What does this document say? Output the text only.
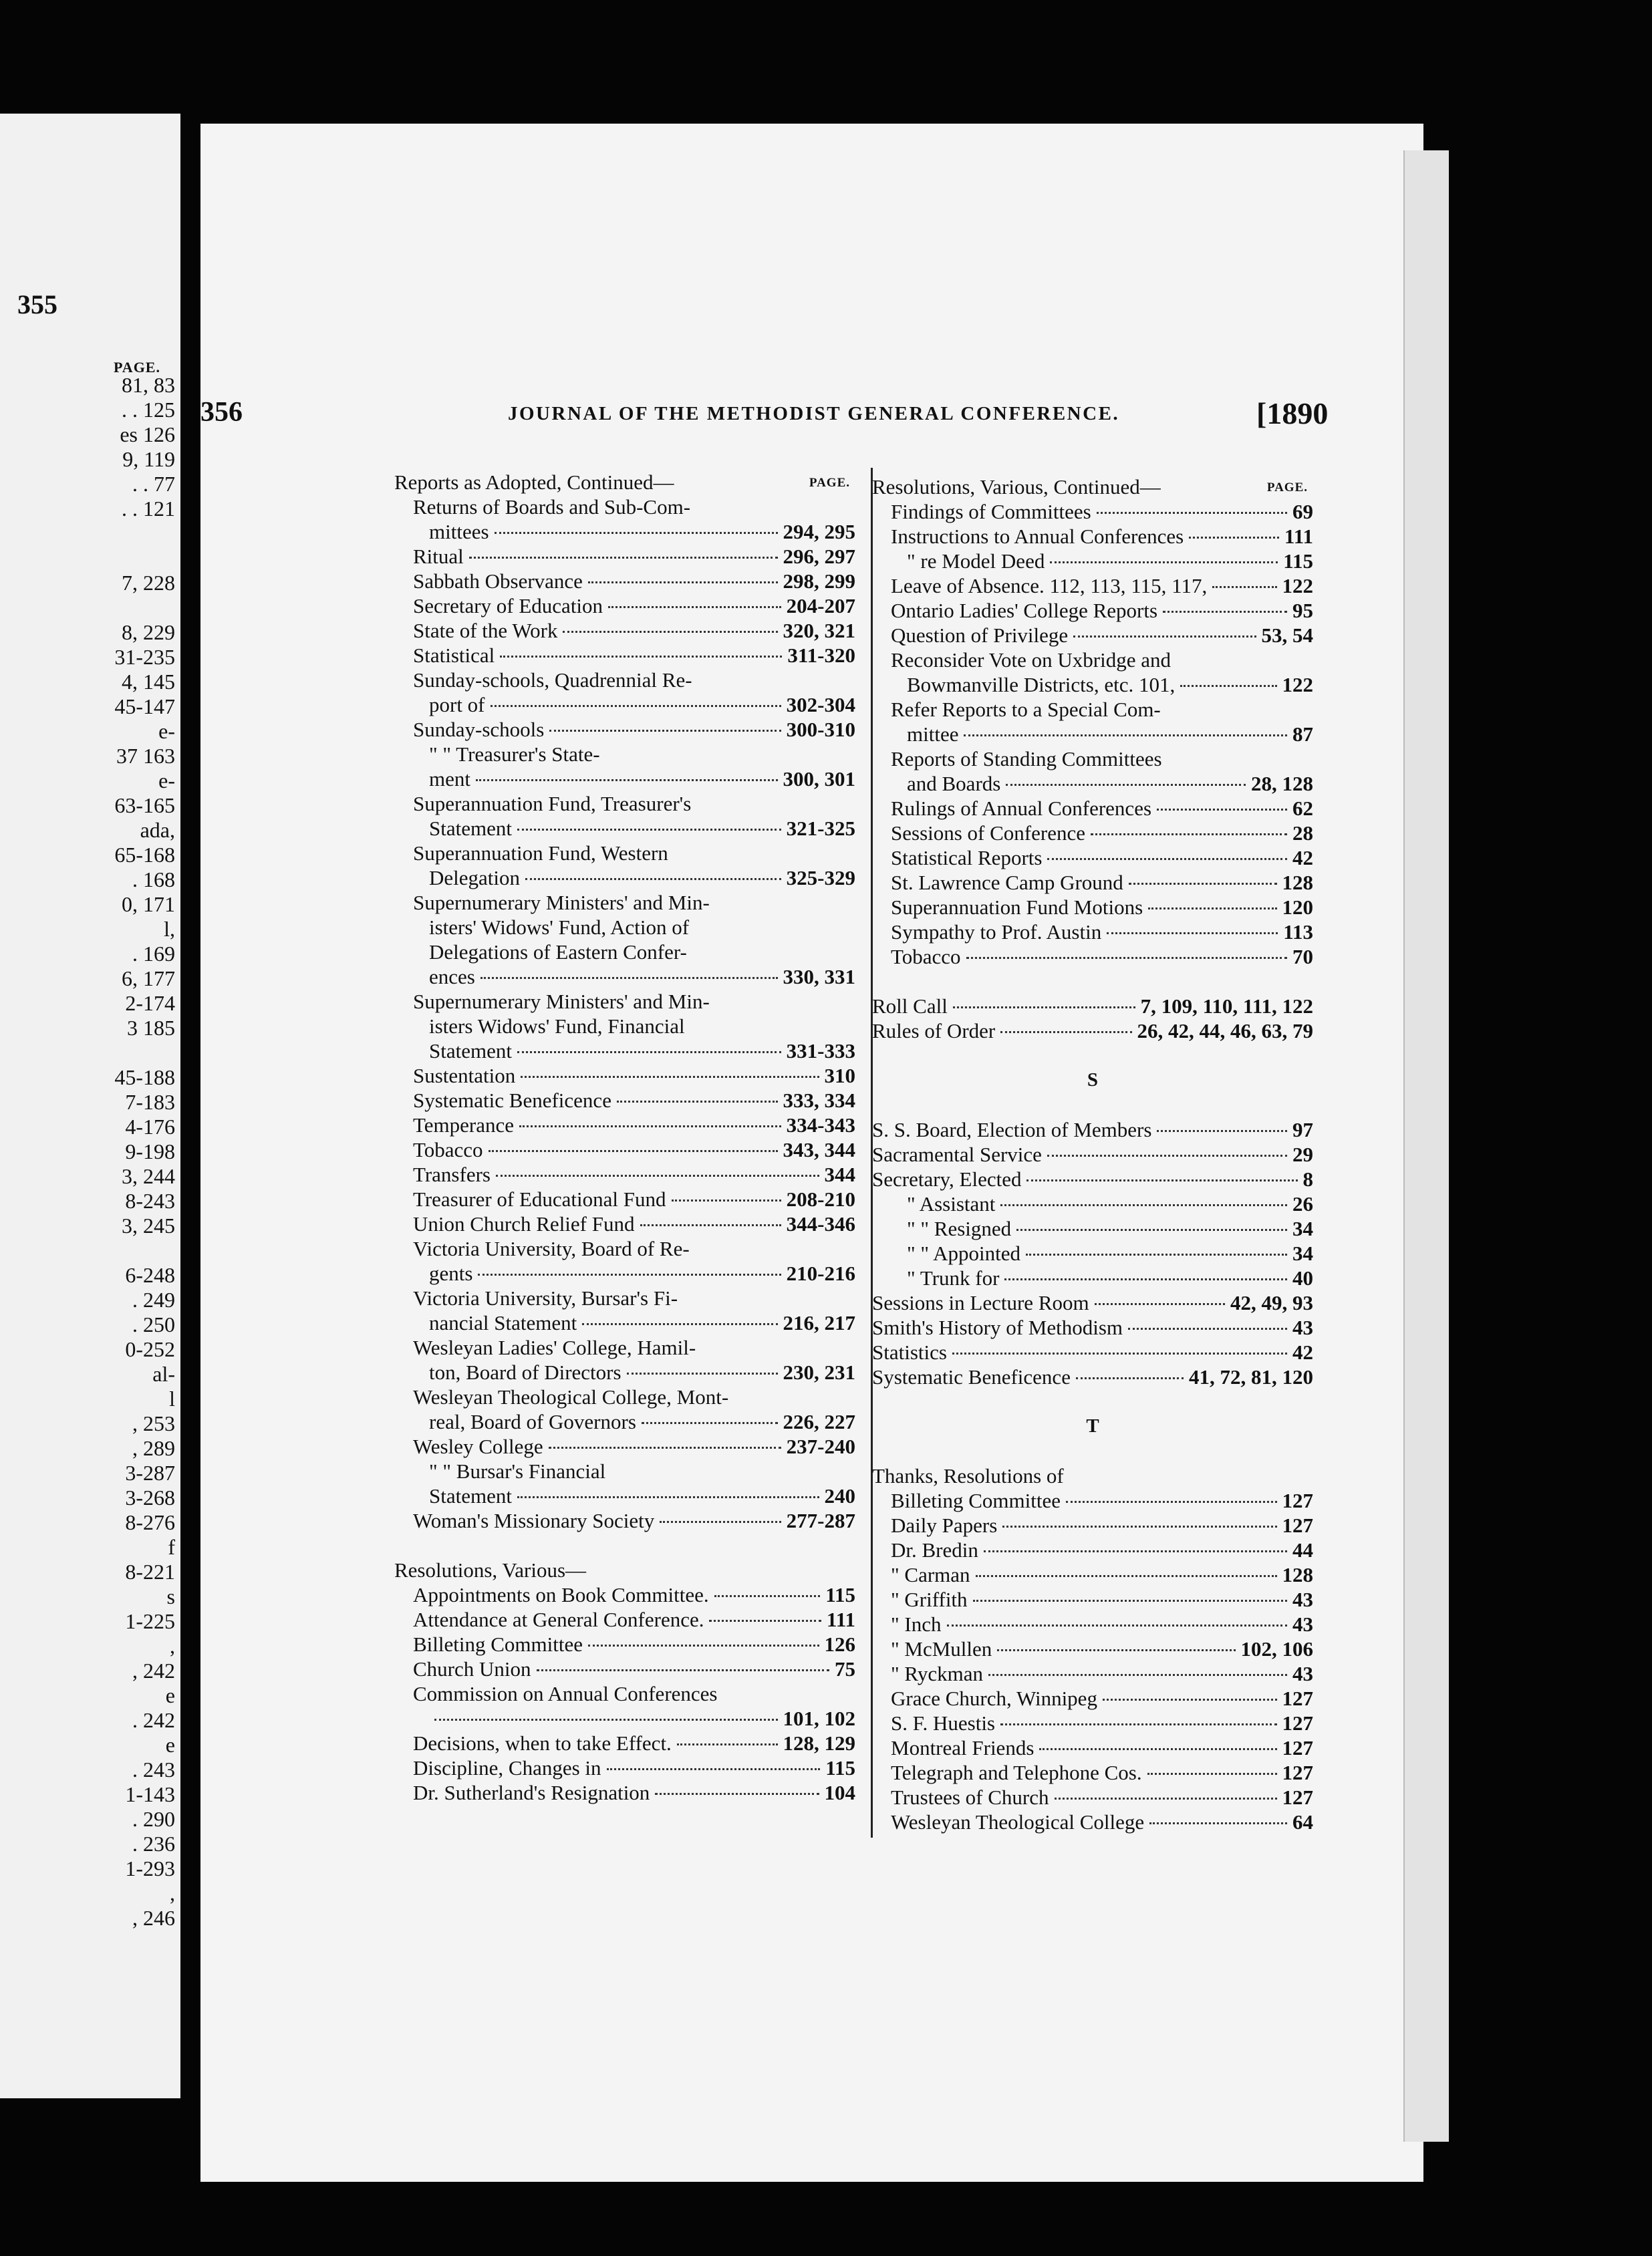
355
PAGE.
81, 83
. . 125
es 126
9, 119
. . 77
. . 121
7, 228
8, 229
31-235
4, 145
45-147
e-
37 163
e-
63-165
ada,
65-168
. 168
0, 171
l,
. 169
6, 177
2-174
3 185
45-188
7-183
4-176
9-198
3, 244
8-243
3, 245
6-248
. 249
. 250
0-252
al-
l
, 253
, 289
3-287
3-268
8-276
f
8-221
s
1-225
,
, 242
e
. 242
e
. 243
1-143
. 290
. 236
1-293
,
, 246
356	JOURNAL OF THE METHODIST GENERAL CONFERENCE.	[1890
Reports as Adopted, Continued—	PAGE.
Returns of Boards and Sub-Com-
mittees	294, 295
Ritual	296, 297
Sabbath Observance	298, 299
Secretary of Education	204-207
State of the Work	320, 321
Statistical	311-320
Sunday-schools, Quadrennial Re-
port of	302-304
Sunday-schools	300-310
" " Treasurer's State-
ment	300, 301
Superannuation Fund, Treasurer's
Statement	321-325
Superannuation Fund, Western
Delegation	325-329
Supernumerary Ministers' and Min-
isters' Widows' Fund, Action of
Delegations of Eastern Confer-
ences	330, 331
Supernumerary Ministers' and Min-
isters Widows' Fund, Financial
Statement	331-333
Sustentation	310
Systematic Beneficence	333, 334
Temperance	334-343
Tobacco	343, 344
Transfers	344
Treasurer of Educational Fund	208-210
Union Church Relief Fund	344-346
Victoria University, Board of Re-
gents	210-216
Victoria University, Bursar's Fi-
nancial Statement	216, 217
Wesleyan Ladies' College, Hamil-
ton, Board of Directors	230, 231
Wesleyan Theological College, Mont-
real, Board of Governors	226, 227
Wesley College	237-240
" " Bursar's Financial
Statement	240
Woman's Missionary Society	277-287
Resolutions, Various—
Appointments on Book Committee.	115
Attendance at General Conference.	111
Billeting Committee	126
Church Union	75
Commission on Annual Conferences
101, 102
Decisions, when to take Effect.	128, 129
Discipline, Changes in	115
Dr. Sutherland's Resignation	104
Resolutions, Various, Continued—	PAGE.
Findings of Committees	69
Instructions to Annual Conferences	111
" re Model Deed	115
Leave of Absence. 112, 113, 115, 117,	122
Ontario Ladies' College Reports	95
Question of Privilege	53, 54
Reconsider Vote on Uxbridge and
Bowmanville Districts, etc. 101,	122
Refer Reports to a Special Com-
mittee	87
Reports of Standing Committees
and Boards	28, 128
Rulings of Annual Conferences	62
Sessions of Conference	28
Statistical Reports	42
St. Lawrence Camp Ground	128
Superannuation Fund Motions	120
Sympathy to Prof. Austin	113
Tobacco	70
Roll Call	7, 109, 110, 111, 122
Rules of Order	26, 42, 44, 46, 63, 79
S
S. S. Board, Election of Members	97
Sacramental Service	29
Secretary, Elected	8
" Assistant	26
" " Resigned	34
" " Appointed	34
" Trunk for	40
Sessions in Lecture Room	42, 49, 93
Smith's History of Methodism	43
Statistics	42
Systematic Beneficence	41, 72, 81, 120
T
Thanks, Resolutions of
Billeting Committee	127
Daily Papers	127
Dr. Bredin	44
" Carman	128
" Griffith	43
" Inch	43
" McMullen	102, 106
" Ryckman	43
Grace Church, Winnipeg	127
S. F. Huestis	127
Montreal Friends	127
Telegraph and Telephone Cos.	127
Trustees of Church	127
Wesleyan Theological College	64
